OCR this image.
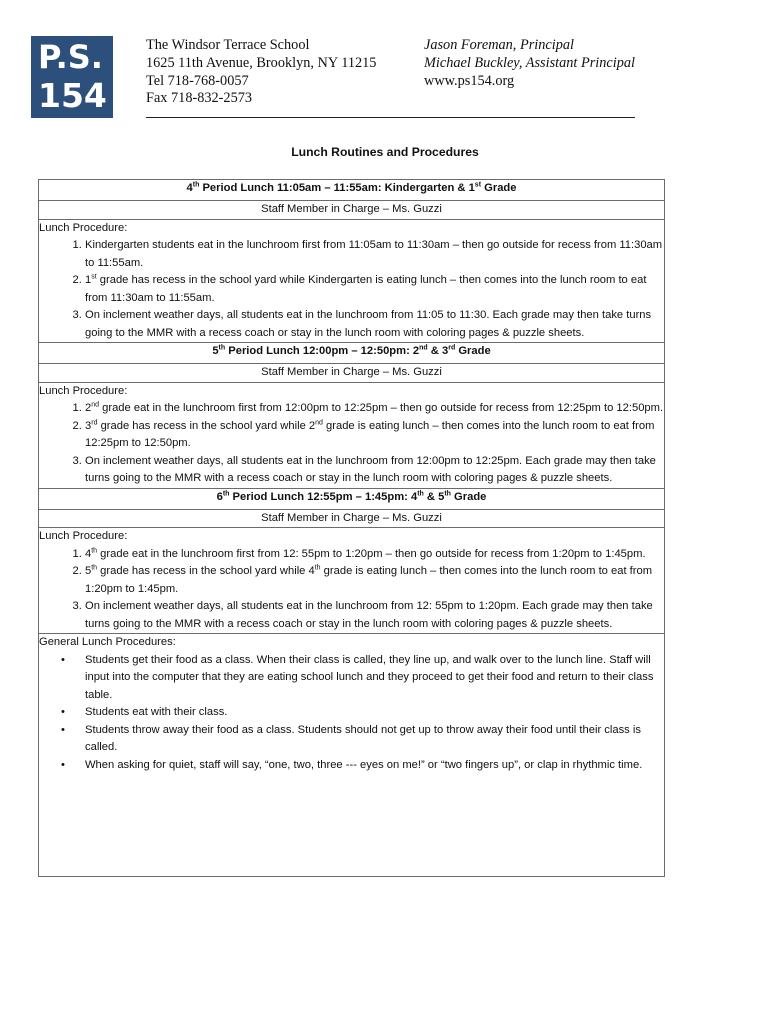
P.S.
154
The Windsor Terrace School
1625 11th Avenue, Brooklyn, NY 11215
Tel 718-768-0057
Fax 718-832-2573
Jason Foreman, Principal
Michael Buckley, Assistant Principal
www.ps154.org
Lunch Routines and Procedures
4th Period Lunch 11:05am – 11:55am: Kindergarten & 1st Grade
Staff Member in Charge – Ms. Guzzi

Lunch Procedure:
1. Kindergarten students eat in the lunchroom first from 11:05am to 11:30am – then go outside for recess from 11:30am to 11:55am.
2. 1st grade has recess in the school yard while Kindergarten is eating lunch – then comes into the lunch room to eat from 11:30am to 11:55am.
3. On inclement weather days, all students eat in the lunchroom from 11:05 to 11:30. Each grade may then take turns going to the MMR with a recess coach or stay in the lunch room with coloring pages & puzzle sheets.

5th Period Lunch 12:00pm – 12:50pm: 2nd & 3rd Grade
Staff Member in Charge – Ms. Guzzi

Lunch Procedure:
1. 2nd grade eat in the lunchroom first from 12:00pm to 12:25pm – then go outside for recess from 12:25pm to 12:50pm.
2. 3rd grade has recess in the school yard while 2nd grade is eating lunch – then comes into the lunch room to eat from 12:25pm to 12:50pm.
3. On inclement weather days, all students eat in the lunchroom from 12:00pm to 12:25pm. Each grade may then take turns going to the MMR with a recess coach or stay in the lunch room with coloring pages & puzzle sheets.

6th Period Lunch 12:55pm – 1:45pm: 4th & 5th Grade
Staff Member in Charge – Ms. Guzzi

Lunch Procedure:
1. 4th grade eat in the lunchroom first from 12: 55pm to 1:20pm – then go outside for recess from 1:20pm to 1:45pm.
2. 5th grade has recess in the school yard while 4th grade is eating lunch – then comes into the lunch room to eat from 1:20pm to 1:45pm.
3. On inclement weather days, all students eat in the lunchroom from 12: 55pm to 1:20pm. Each grade may then take turns going to the MMR with a recess coach or stay in the lunch room with coloring pages & puzzle sheets.

General Lunch Procedures:
• Students get their food as a class. When their class is called, they line up, and walk over to the lunch line. Staff will input into the computer that they are eating school lunch and they proceed to get their food and return to their class table.
• Students eat with their class.
• Students throw away their food as a class. Students should not get up to throw away their food until their class is called.
• When asking for quiet, staff will say, “one, two, three --- eyes on me!” or “two fingers up”, or clap in rhythmic time.
